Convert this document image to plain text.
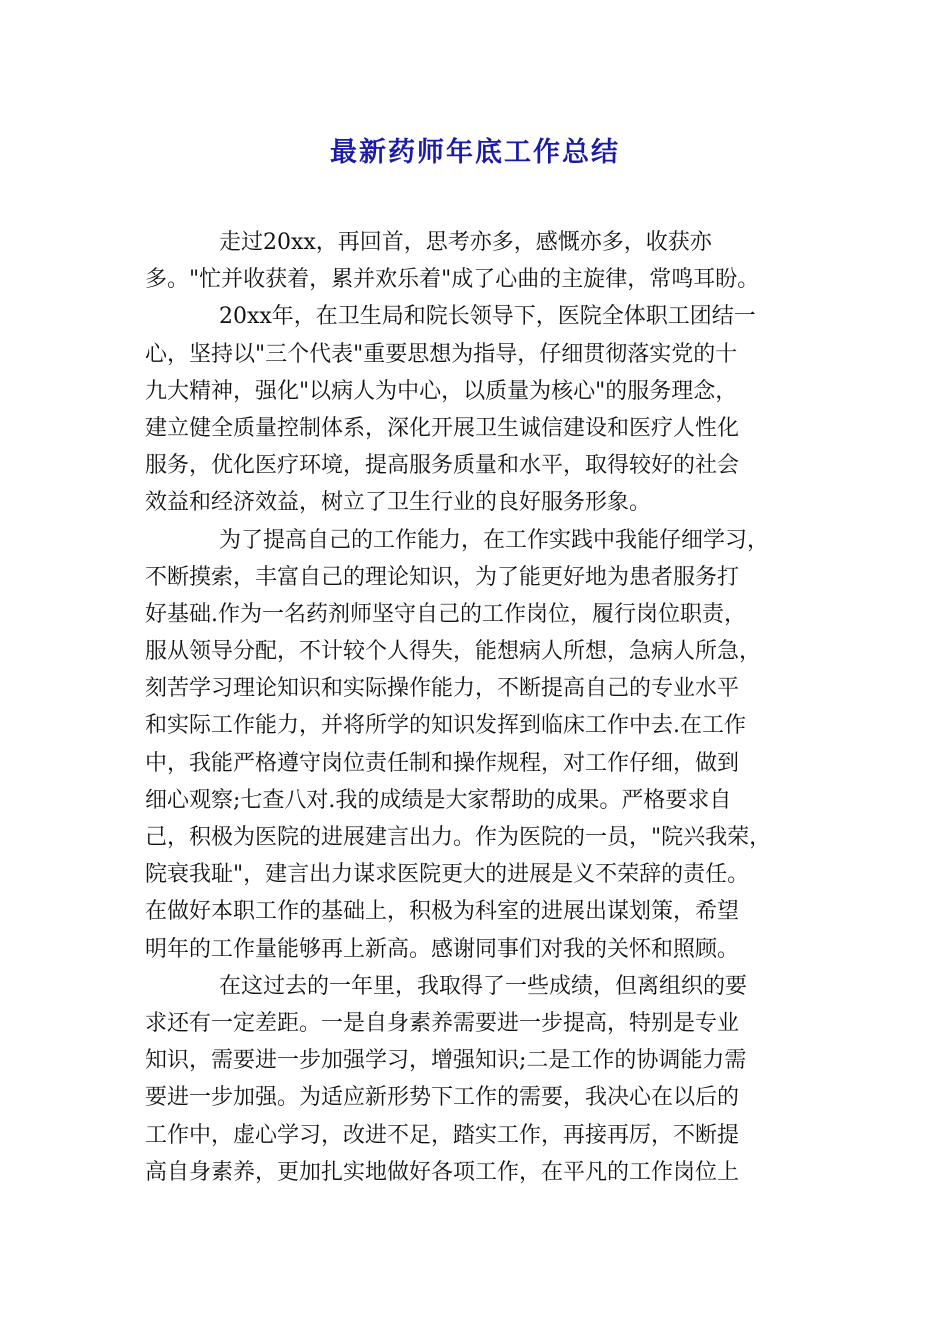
最新药师年底工作总结
走过20xx，再回首，思考亦多，感慨亦多，收获亦
多。"忙并收获着，累并欢乐着"成了心曲的主旋律，常鸣耳盼。
20xx年，在卫生局和院长领导下，医院全体职工团结一
心，坚持以"三个代表"重要思想为指导，仔细贯彻落实党的十
九大精神，强化"以病人为中心，以质量为核心"的服务理念，
建立健全质量控制体系，深化开展卫生诚信建设和医疗人性化
服务，优化医疗环境，提高服务质量和水平，取得较好的社会
效益和经济效益，树立了卫生行业的良好服务形象。
为了提高自己的工作能力，在工作实践中我能仔细学习，
不断摸索，丰富自己的理论知识，为了能更好地为患者服务打
好基础.作为一名药剂师坚守自己的工作岗位，履行岗位职责，
服从领导分配，不计较个人得失，能想病人所想，急病人所急，
刻苦学习理论知识和实际操作能力，不断提高自己的专业水平
和实际工作能力，并将所学的知识发挥到临床工作中去.在工作
中，我能严格遵守岗位责任制和操作规程，对工作仔细，做到
细心观察;七查八对.我的成绩是大家帮助的成果。严格要求自
己，积极为医院的进展建言出力。作为医院的一员，"院兴我荣，
院衰我耻"，建言出力谋求医院更大的进展是义不荣辞的责任。
在做好本职工作的基础上，积极为科室的进展出谋划策，希望
明年的工作量能够再上新高。感谢同事们对我的关怀和照顾。
在这过去的一年里，我取得了一些成绩，但离组织的要
求还有一定差距。一是自身素养需要进一步提高，特别是专业
知识，需要进一步加强学习，增强知识;二是工作的协调能力需
要进一步加强。为适应新形势下工作的需要，我决心在以后的
工作中，虚心学习，改进不足，踏实工作，再接再厉，不断提
高自身素养，更加扎实地做好各项工作，在平凡的工作岗位上
